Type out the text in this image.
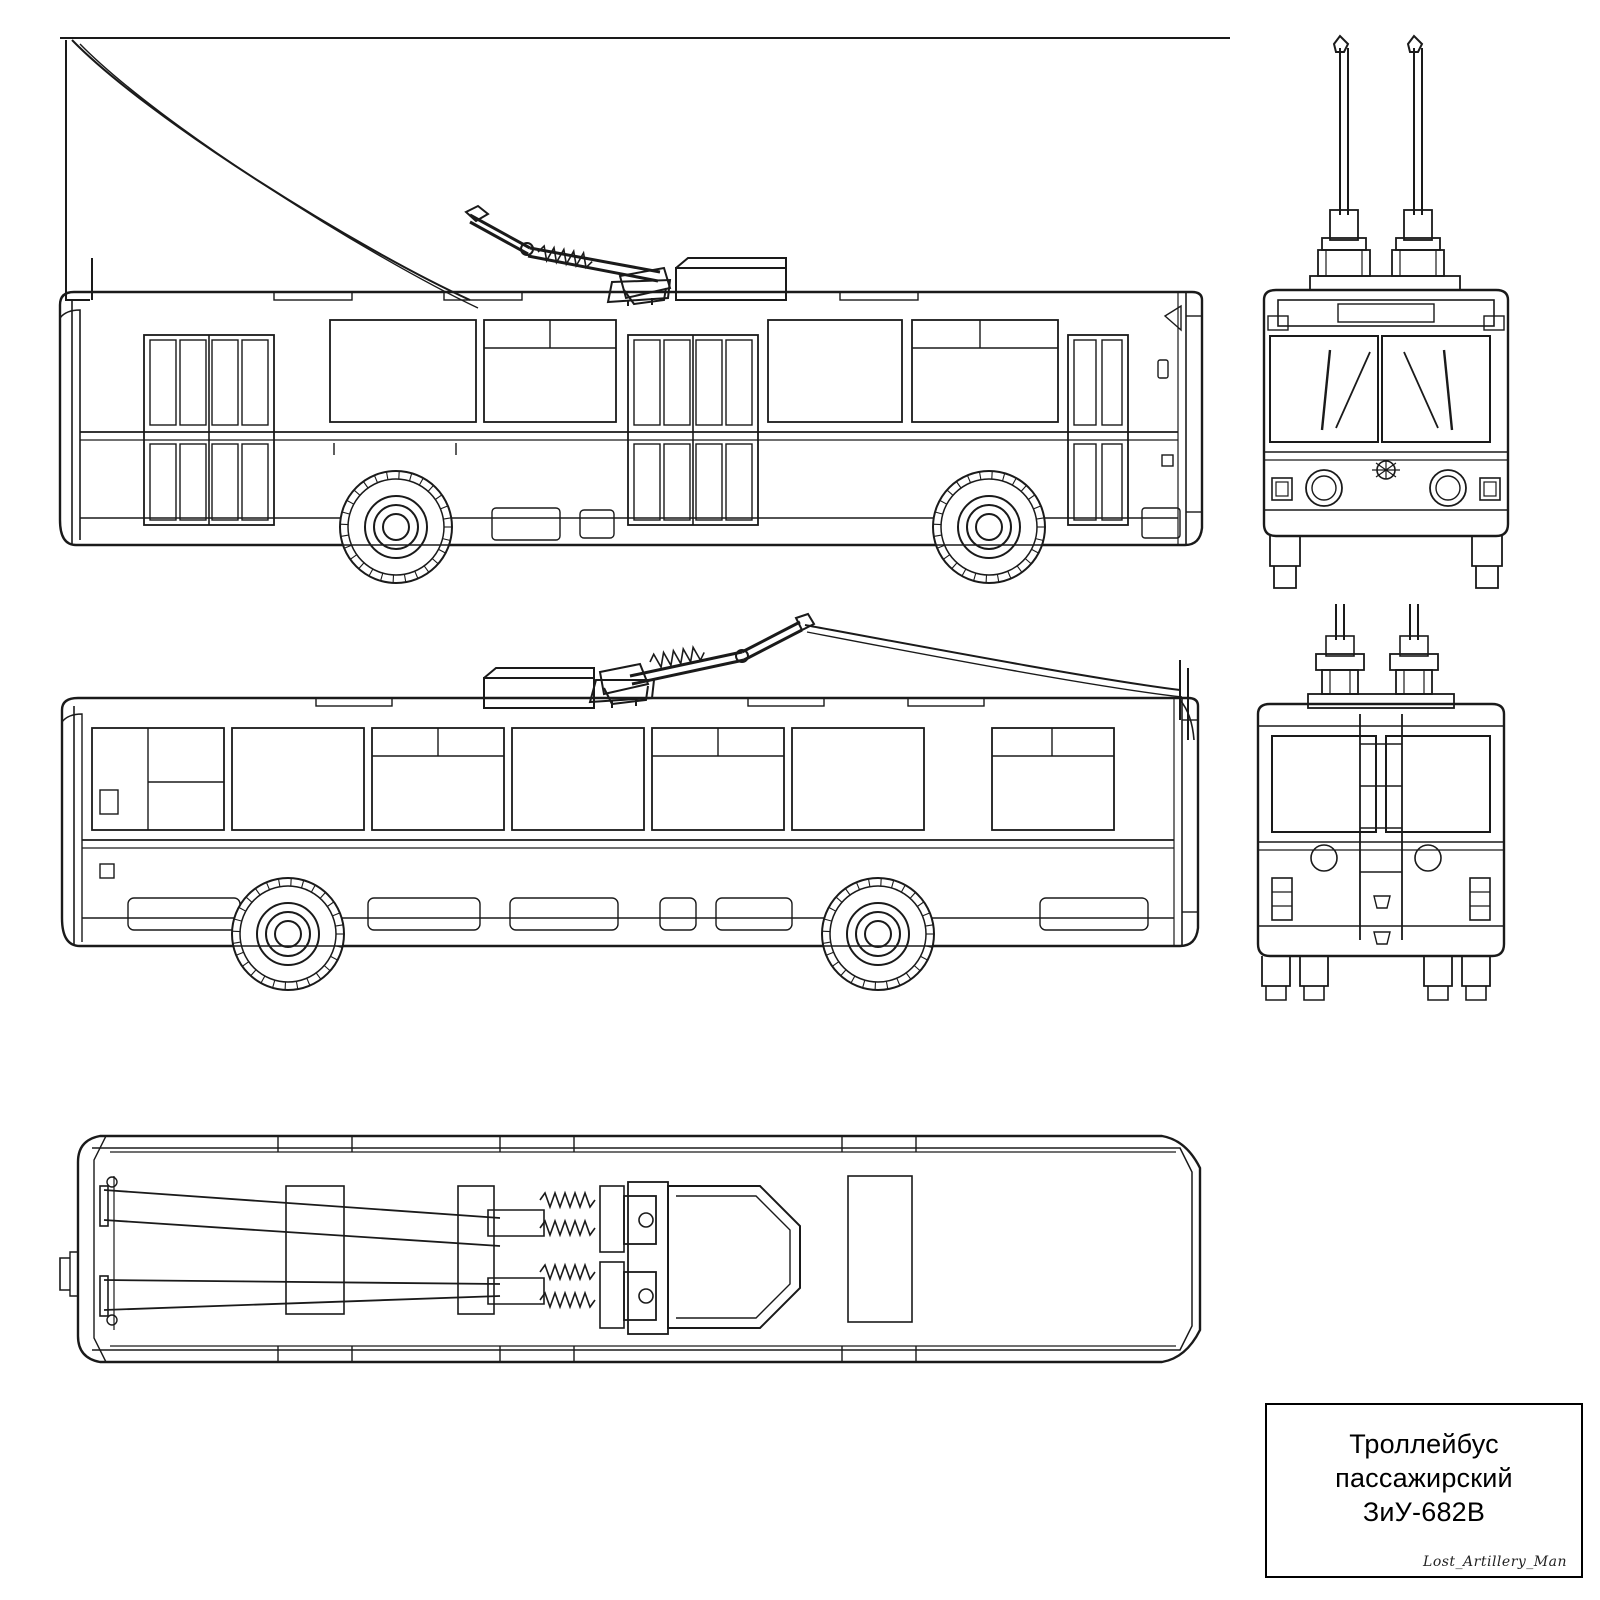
Троллейбус
пассажирский
ЗиУ-682В
Lost_Artillery_Man
